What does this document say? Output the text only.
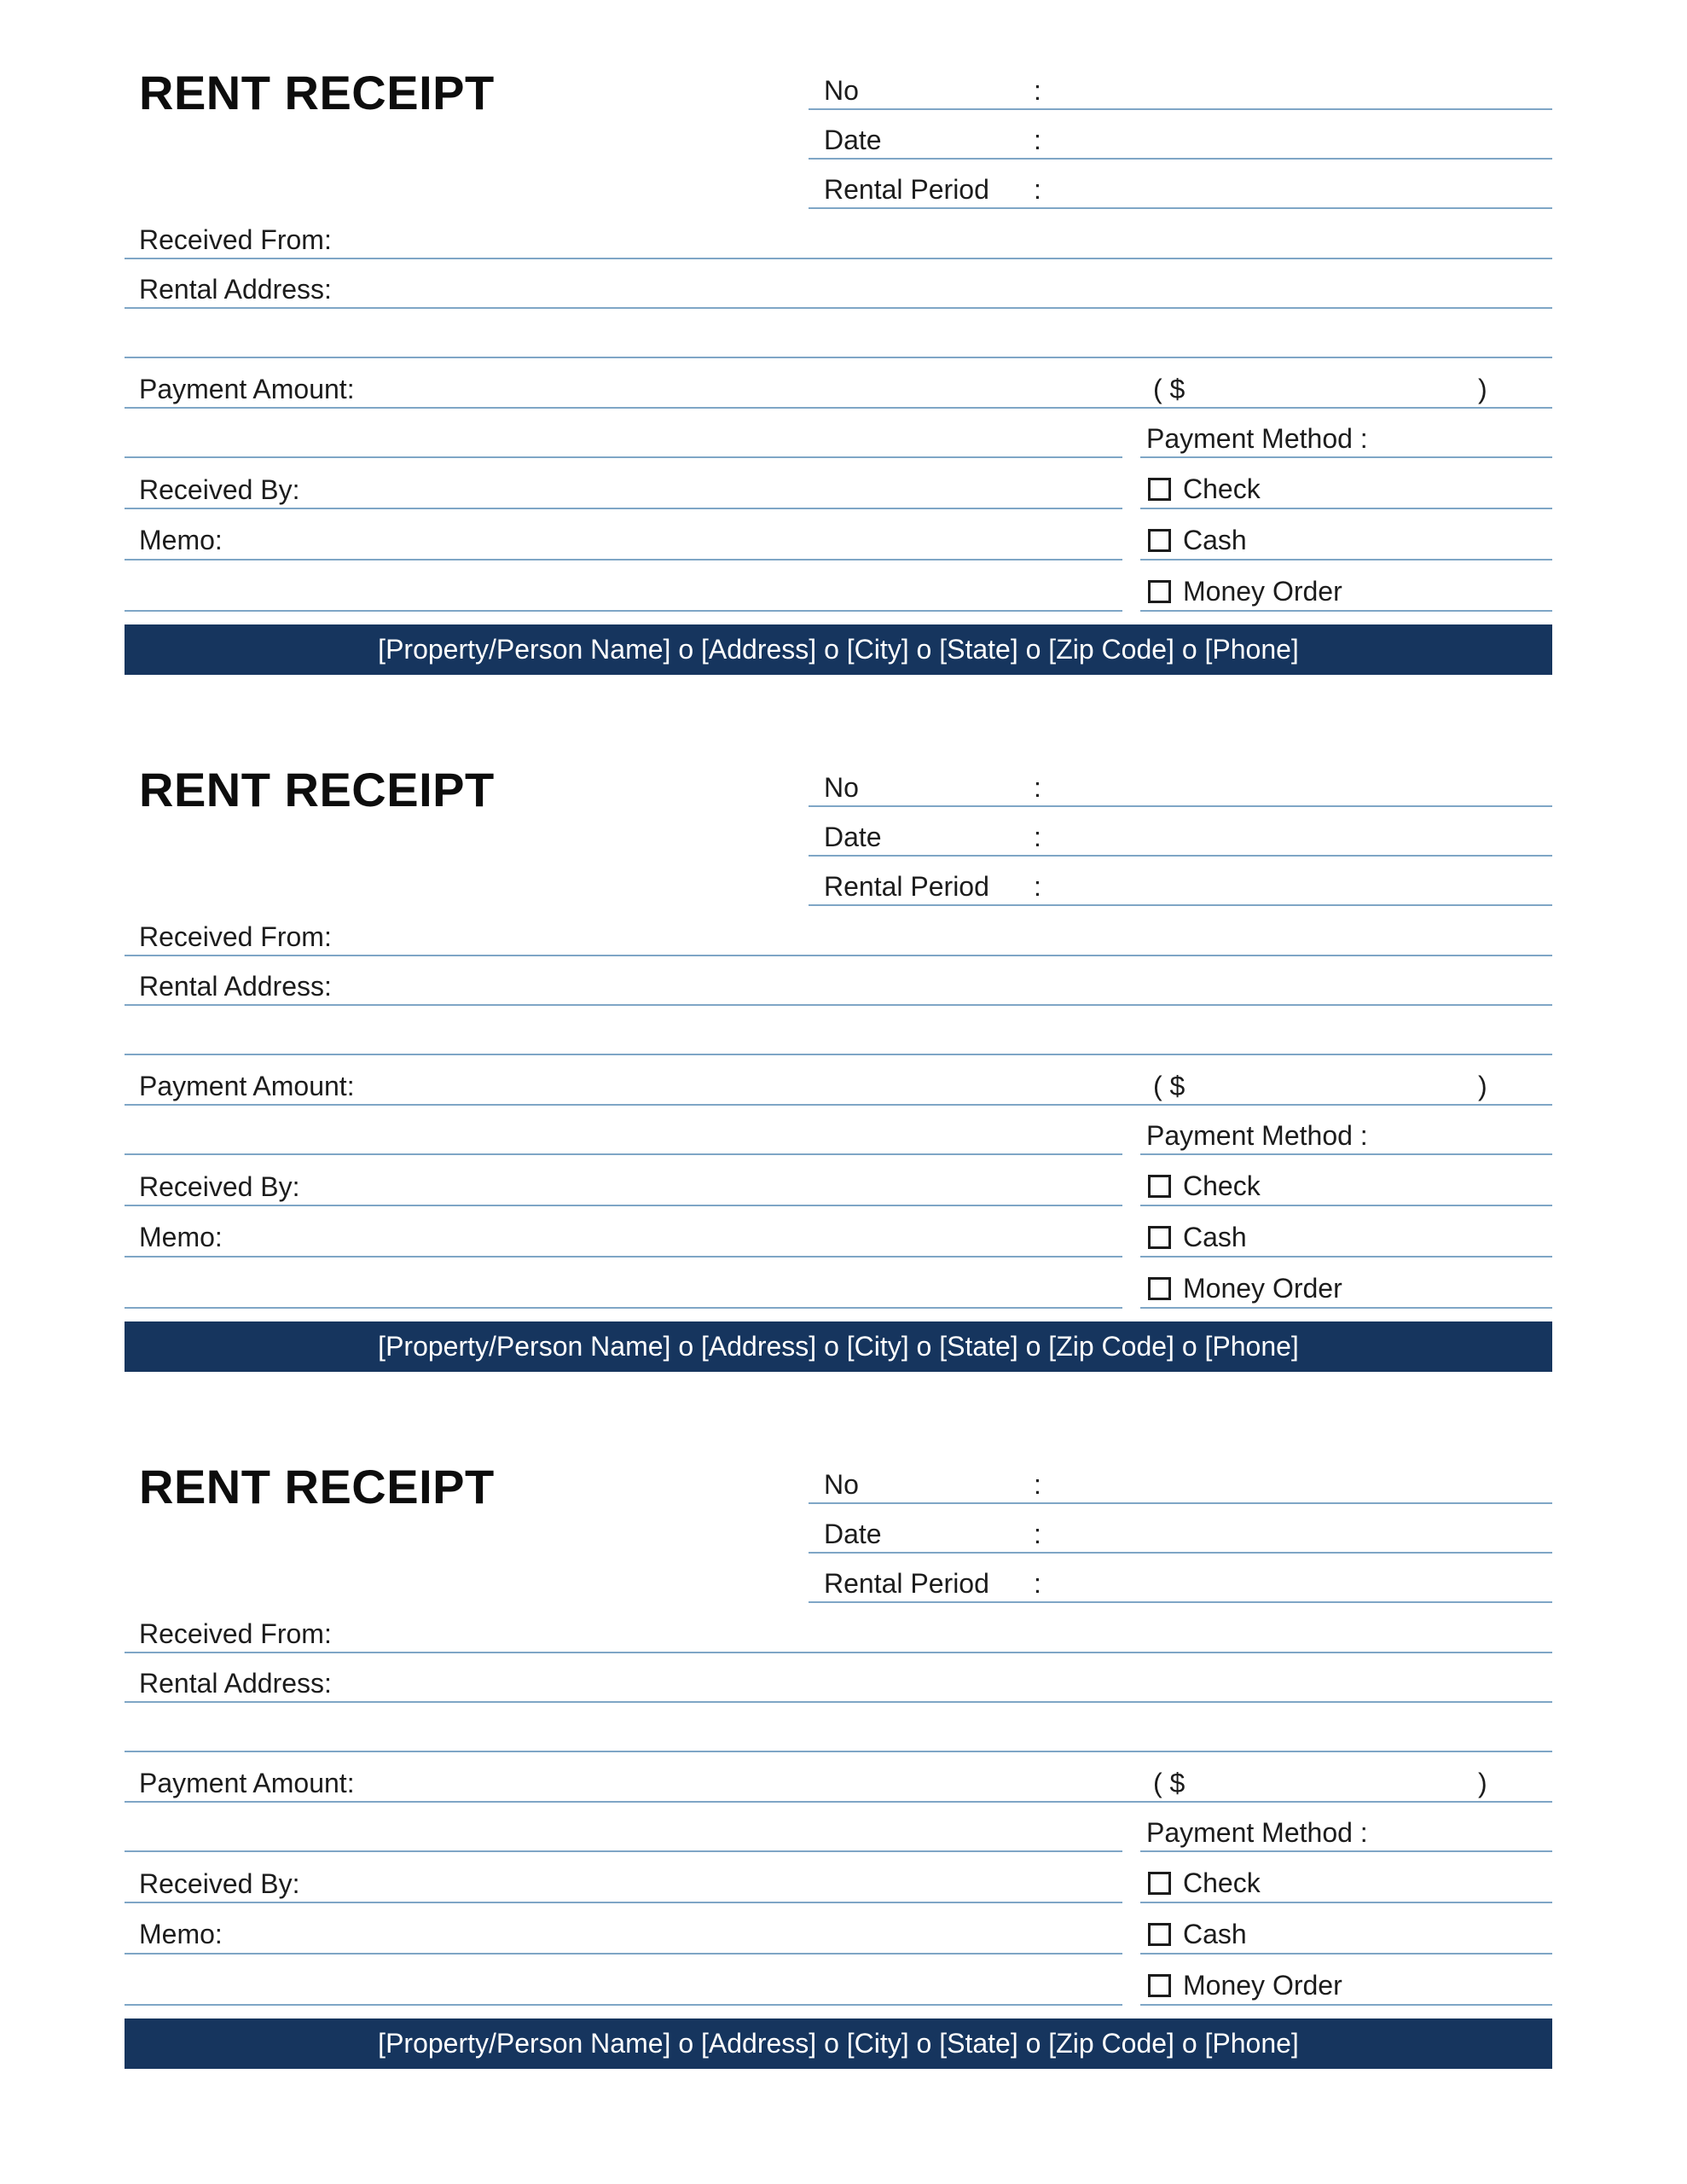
RENT RECEIPT	No	:
Date	:
Rental Period :
Received From:
Rental Address:
Payment Amount:	( $	)
Payment Method :
Received By:	Check
Memo:	Cash
Money Order
[Property/Person Name] o [Address] o [City] o [State] o [Zip Code] o [Phone]
RENT RECEIPT	No	:
Date	:
Rental Period :
Received From:
Rental Address:
Payment Amount:	( $	)
Payment Method :
Received By:	Check
Memo:	Cash
Money Order
[Property/Person Name] o [Address] o [City] o [State] o [Zip Code] o [Phone]
RENT RECEIPT	No	:
Date	:
Rental Period :
Received From:
Rental Address:
Payment Amount:	( $	)
Payment Method :
Received By:	Check
Memo:	Cash
Money Order
[Property/Person Name] o [Address] o [City] o [State] o [Zip Code] o [Phone]
